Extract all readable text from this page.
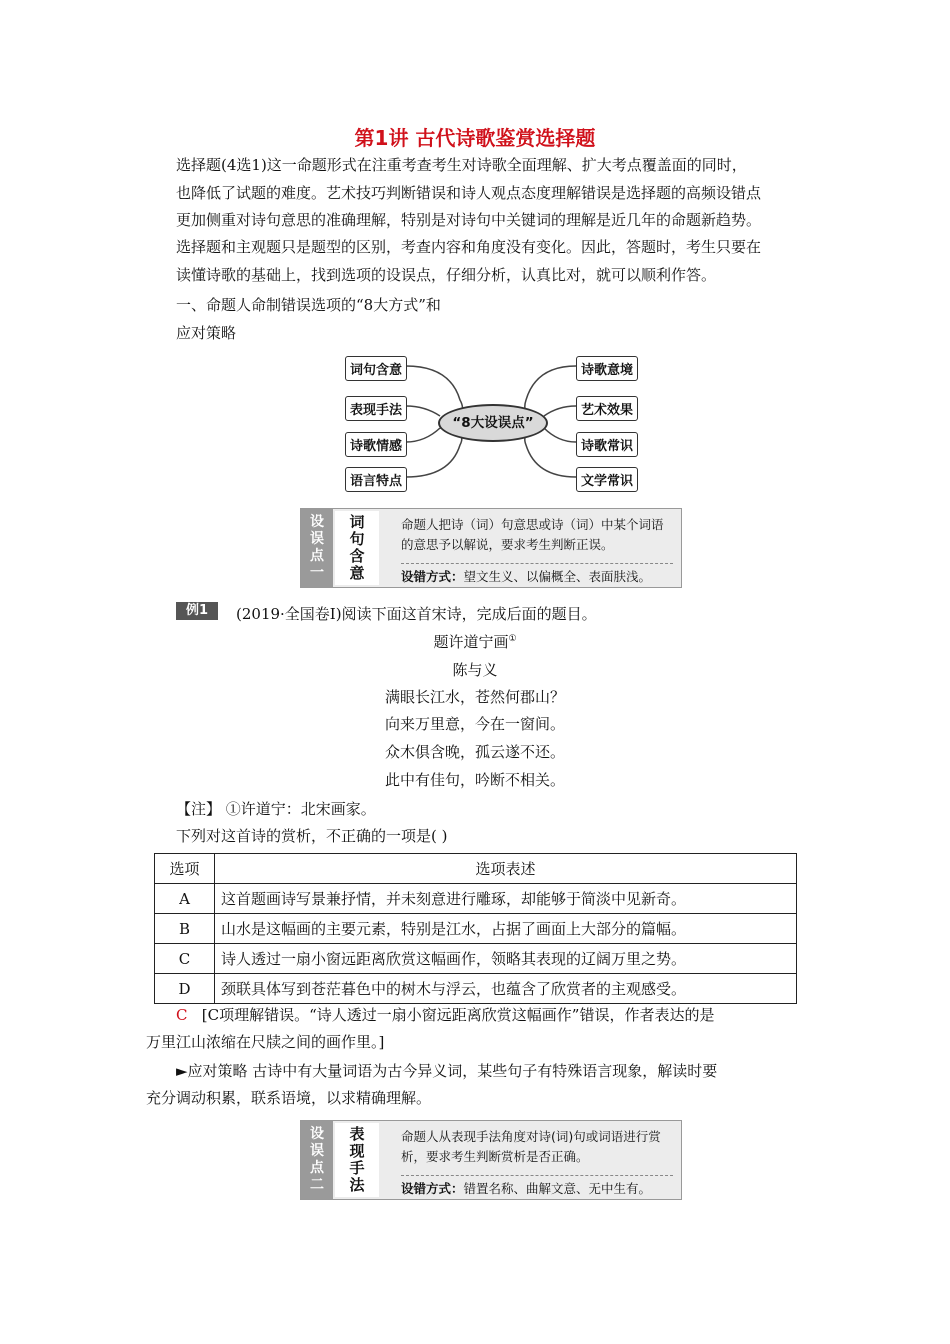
第1讲 古代诗歌鉴赏选择题
选择题(4选1)这一命题形式在注重考查考生对诗歌全面理解、扩大考点覆盖面的同时，
也降低了试题的难度。艺术技巧判断错误和诗人观点态度理解错误是选择题的高频设错点
更加侧重对诗句意思的准确理解，特别是对诗句中关键词的理解是近几年的命题新趋势。
选择题和主观题只是题型的区别，考查内容和角度没有变化。因此，答题时，考生只要在
读懂诗歌的基础上，找到选项的设误点，仔细分析，认真比对，就可以顺利作答。
一、命题人命制错误选项的“8大方式”和
应对策略
词句含意
表现手法
诗歌情感
语言特点
“8大设误点”
诗歌意境
艺术效果
诗歌常识
文学常识
设
误
点
一
词
句
含
意
命题人把诗（词）句意思或诗（词）中某个词语的意思予以解说，要求考生判断正误。
设错方式：望文生义、以偏概全、表面肤浅。
例1	(2019·全国卷Ⅰ)阅读下面这首宋诗，完成后面的题目。
题许道宁画①
陈与义
满眼长江水，苍然何郡山？
向来万里意，今在一窗间。
众木俱含晚，孤云遂不还。
此中有佳句，吟断不相关。
【注】 ①许道宁：北宋画家。
下列对这首诗的赏析，不正确的一项是( )
选项	选项表述
A	这首题画诗写景兼抒情，并未刻意进行雕琢，却能够于简淡中见新奇。
B	山水是这幅画的主要元素，特别是江水，占据了画面上大部分的篇幅。
C	诗人透过一扇小窗远距离欣赏这幅画作，领略其表现的辽阔万里之势。
D	颈联具体写到苍茫暮色中的树木与浮云，也蕴含了欣赏者的主观感受。
C [C项理解错误。“诗人透过一扇小窗远距离欣赏这幅画作”错误，作者表达的是
万里江山浓缩在尺牍之间的画作里。]
►应对策略 古诗中有大量词语为古今异义词，某些句子有特殊语言现象，解读时要
充分调动积累，联系语境，以求精确理解。
设
误
点
二
表
现
手
法
命题人从表现手法角度对诗(词)句或词语进行赏析，要求考生判断赏析是否正确。
设错方式：错置名称、曲解文意、无中生有。
